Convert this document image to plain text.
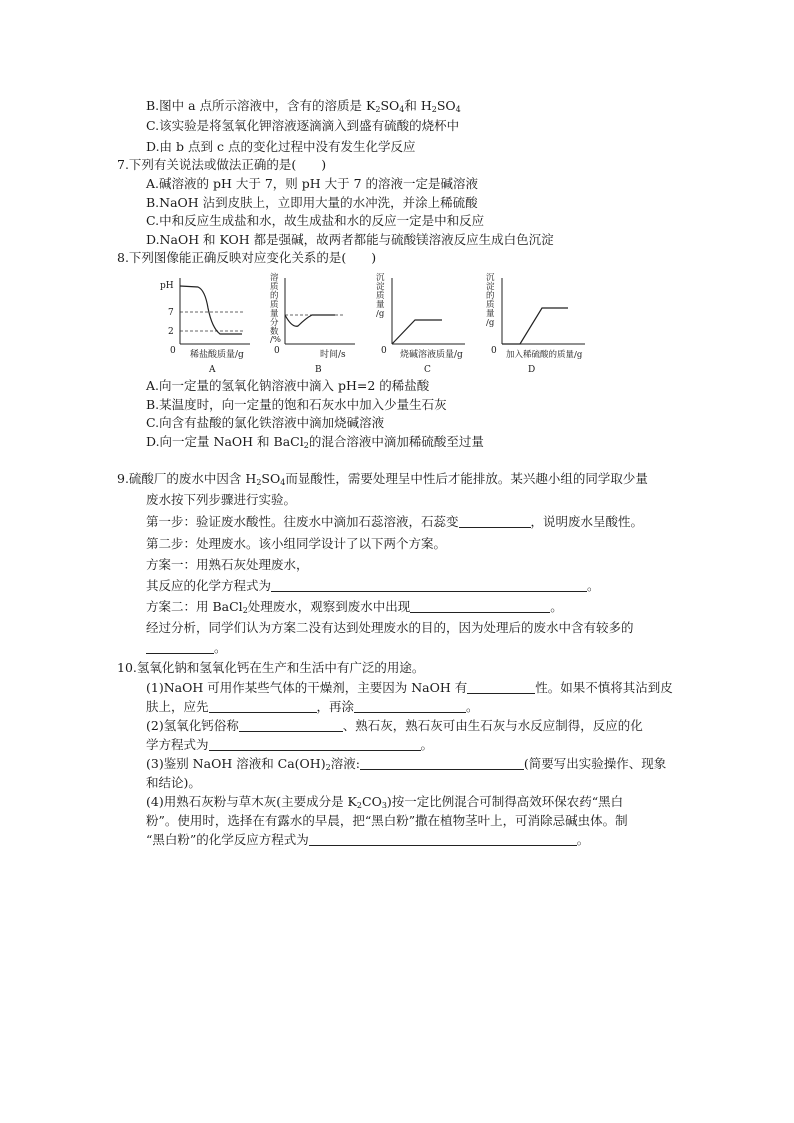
B.图中 a 点所示溶液中，含有的溶质是 $K_2SO_4$和 $H_2SO_4$
C.该实验是将氢氧化钾溶液逐滴滴入到盛有硫酸的烧杯中
D.由 b 点到 c 点的变化过程中没有发生化学反应
7.下列有关说法或做法正确的是(　　)
A.碱溶液的 pH 大于 7，则 pH 大于 7 的溶液一定是碱溶液
B.NaOH 沾到皮肤上，立即用大量的水冲洗，并涂上稀硫酸
C.中和反应生成盐和水，故生成盐和水的反应一定是中和反应
D.NaOH 和 KOH 都是强碱，故两者都能与硫酸镁溶液反应生成白色沉淀
8.下列图像能正确反映对应变化关系的是(　　)
pH
7
2
0 稀盐酸质量/g
A
溶质的质量分数/%
0	时间/s
B
沉淀质量/g
0 烧碱溶液质量/g
C
沉淀的质量/g
0 加入稀硫酸的质量/g
D
A.向一定量的氢氧化钠溶液中滴入 pH=2 的稀盐酸
B.某温度时，向一定量的饱和石灰水中加入少量生石灰
C.向含有盐酸的氯化铁溶液中滴加烧碱溶液
D.向一定量 NaOH 和 BaCl$_2$的混合溶液中滴加稀硫酸至过量
9.硫酸厂的废水中因含 $H_2SO_4$而显酸性，需要处理呈中性后才能排放。某兴趣小组的同学取少量
废水按下列步骤进行实验。
第一步：验证废水酸性。往废水中滴加石蕊溶液，石蕊变	，说明废水呈酸性。
第二步：处理废水。该小组同学设计了以下两个方案。
方案一：用熟石灰处理废水，
其反应的化学方程式为	。
方案二：用 BaCl$_2$处理废水，观察到废水中出现	。
经过分析，同学们认为方案二没有达到处理废水的目的，因为处理后的废水中含有较多的
。
10.氢氧化钠和氢氧化钙在生产和生活中有广泛的用途。
(1)NaOH 可用作某些气体的干燥剂，主要因为 NaOH 有	性。如果不慎将其沾到皮
肤上，应先	，再涂	。
(2)氢氧化钙俗称	、熟石灰，熟石灰可由生石灰与水反应制得，反应的化
学方程式为	。
(3)鉴别 NaOH 溶液和 $Ca(OH)_2$溶液:	(简要写出实验操作、现象
和结论)。
(4)用熟石灰粉与草木灰(主要成分是 $K_2CO_3$)按一定比例混合可制得高效环保农药“黑白
粉”。使用时，选择在有露水的早晨，把“黑白粉”撒在植物茎叶上，可消除忌碱虫体。制
“黑白粉”的化学反应方程式为	。
